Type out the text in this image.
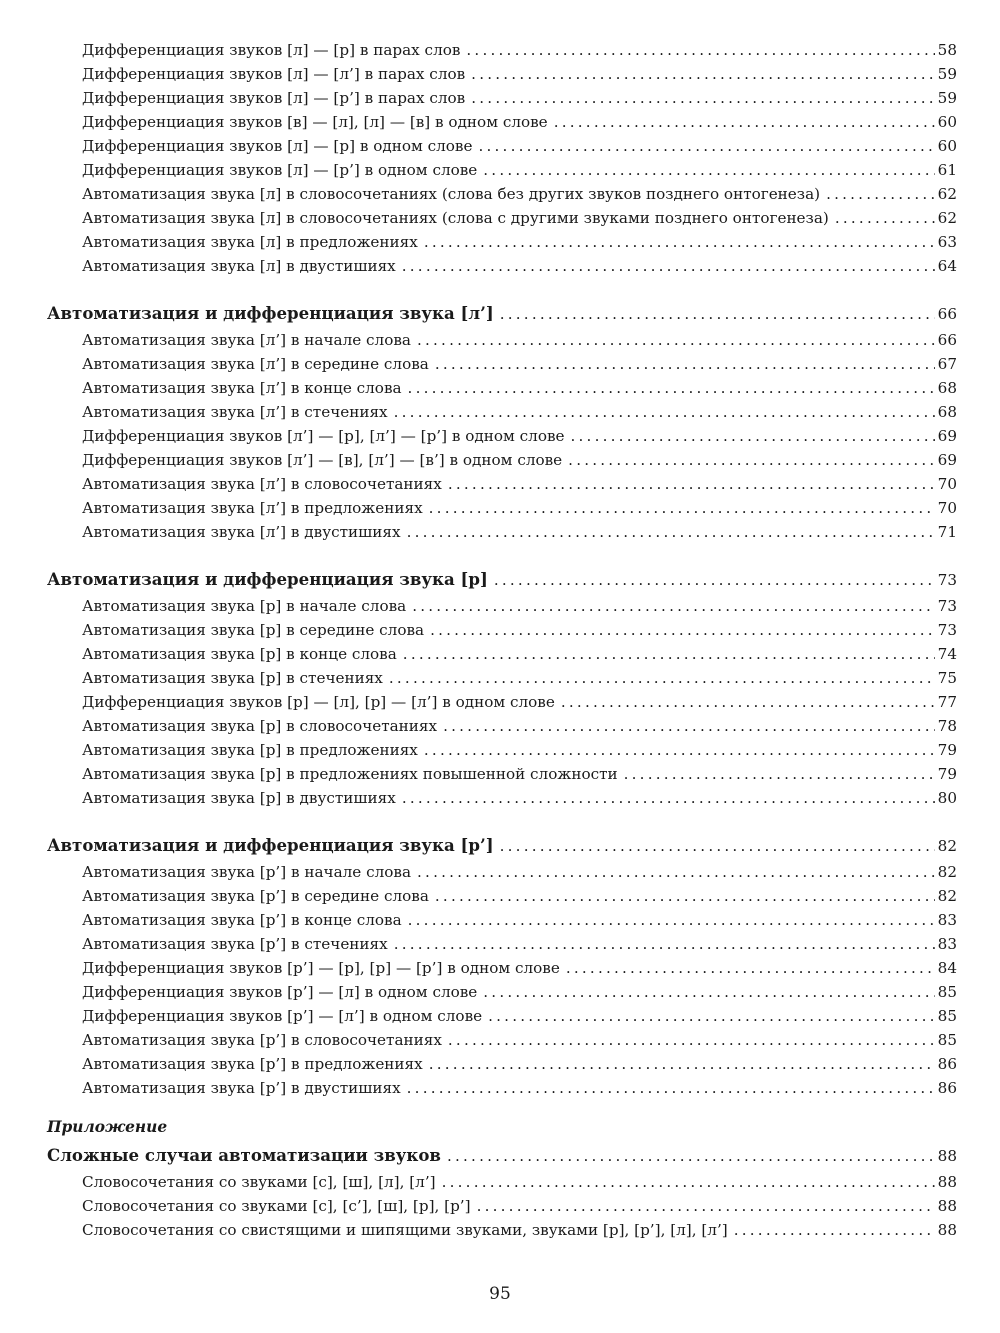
Дифференциация звуков [л] — [р] в парах слов .....	58
Дифференциация звуков [л] — [л’] в парах слов .....	59
Дифференциация звуков [л] — [р’] в парах слов .....	59
Дифференциация звуков [в] — [л], [л] — [в] в одном слове .....	60
Дифференциация звуков [л] — [р] в одном слове .....	60
Дифференциация звуков [л] — [р’] в одном слове .....	61
Автоматизация звука [л] в словосочетаниях (слова без других звуков позднего онтогенеза) .....	62
Автоматизация звука [л] в словосочетаниях (слова с другими звуками позднего онтогенеза) .....	62
Автоматизация звука [л] в предложениях .....	63
Автоматизация звука [л] в двустишиях .....	64
Автоматизация и дифференциация звука [л’] .....	66
Автоматизация звука [л’] в начале слова .....	66
Автоматизация звука [л’] в середине слова .....	67
Автоматизация звука [л’] в конце слова .....	68
Автоматизация звука [л’] в стечениях .....	68
Дифференциация звуков [л’] — [р], [л’] — [р’] в одном слове .....	69
Дифференциация звуков [л’] — [в], [л’] — [в’] в одном слове .....	69
Автоматизация звука [л’] в словосочетаниях .....	70
Автоматизация звука [л’] в предложениях .....	70
Автоматизация звука [л’] в двустишиях .....	71
Автоматизация и дифференциация звука [р] .....	73
Автоматизация звука [р] в начале слова .....	73
Автоматизация звука [р] в середине слова .....	73
Автоматизация звука [р] в конце слова .....	74
Автоматизация звука [р] в стечениях .....	75
Дифференциация звуков [р] — [л], [р] — [л’] в одном слове .....	77
Автоматизация звука [р] в словосочетаниях .....	78
Автоматизация звука [р] в предложениях .....	79
Автоматизация звука [р] в предложениях повышенной сложности .....	79
Автоматизация звука [р] в двустишиях .....	80
Автоматизация и дифференциация звука [р’] .....	82
Автоматизация звука [р’] в начале слова .....	82
Автоматизация звука [р’] в середине слова .....	82
Автоматизация звука [р’] в конце слова .....	83
Автоматизация звука [р’] в стечениях .....	83
Дифференциация звуков [р’] — [р], [р] — [р’] в одном слове .....	84
Дифференциация звуков [р’] — [л] в одном слове .....	85
Дифференциация звуков [р’] — [л’] в одном слове .....	85
Автоматизация звука [р’] в словосочетаниях .....	85
Автоматизация звука [р’] в предложениях .....	86
Автоматизация звука [р’] в двустишиях .....	86
Приложение
Сложные случаи автоматизации звуков .....	88
Словосочетания со звуками [с], [ш], [л], [л’] .....	88
Словосочетания со звуками [с], [с’], [ш], [р], [р’] .....	88
Словосочетания со свистящими и шипящими звуками, звуками [р], [р’], [л], [л’] .....	88
95
